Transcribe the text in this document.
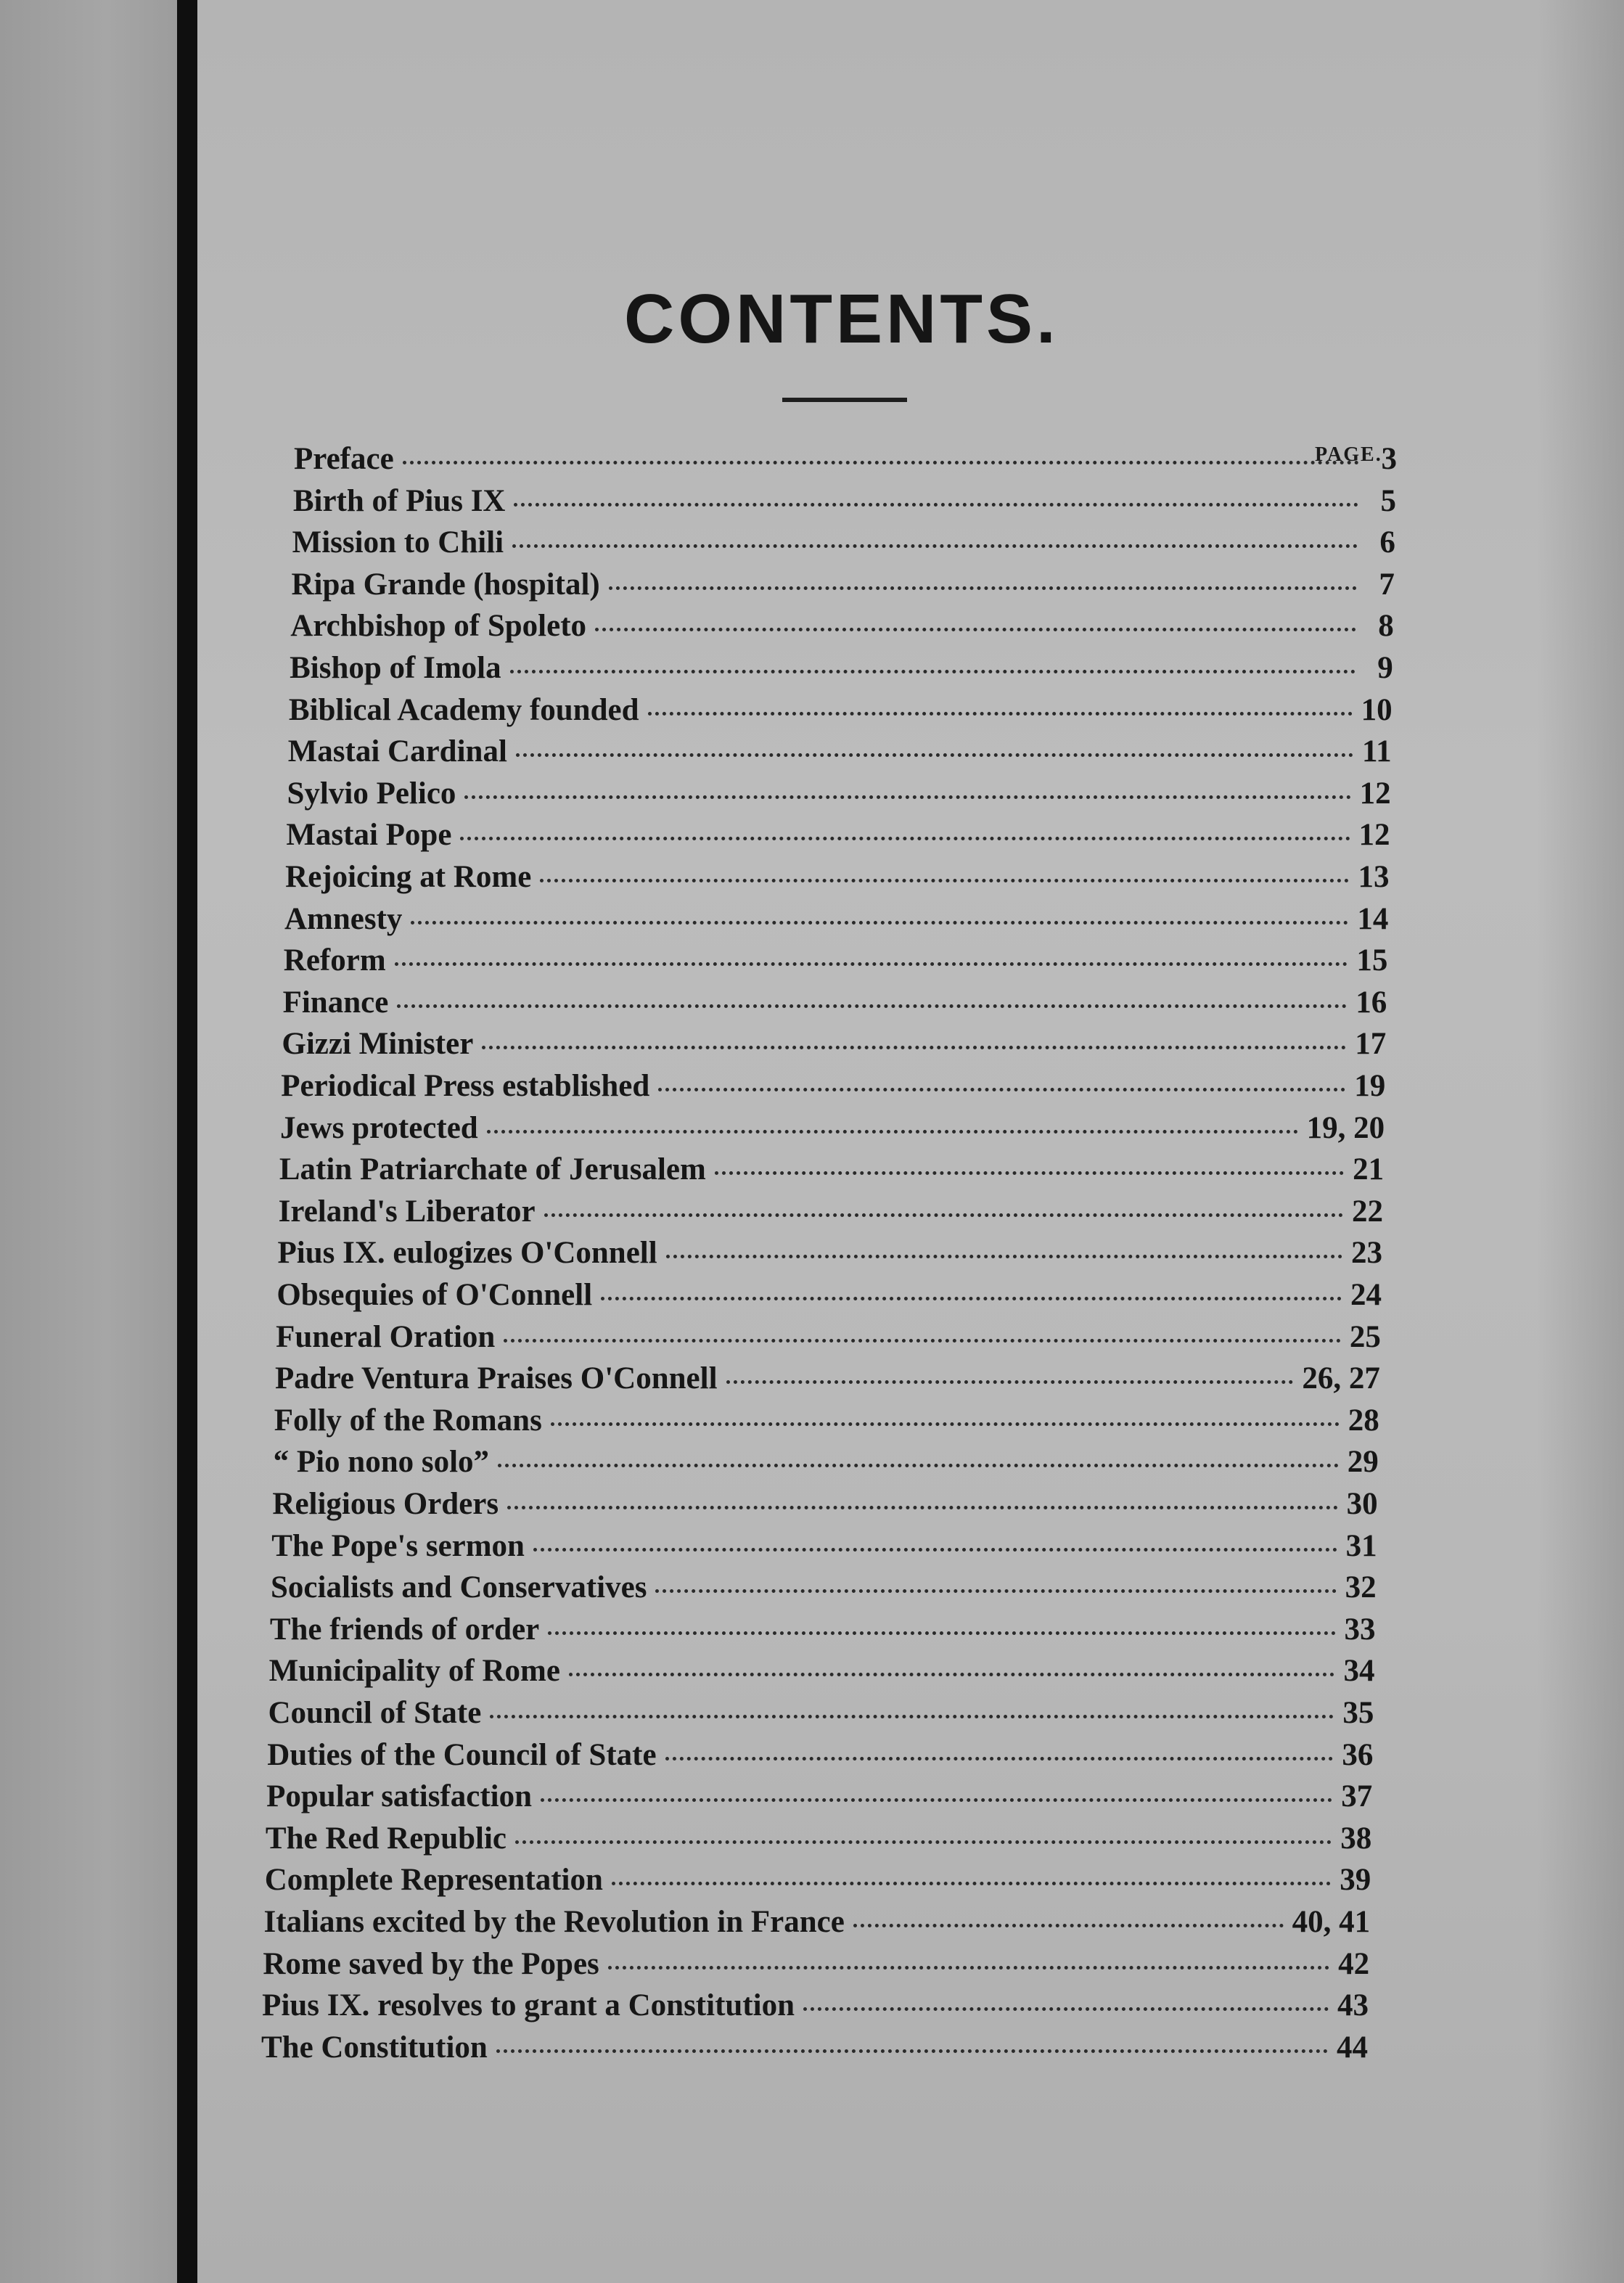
CONTENTS.
PAGE.
Preface	3
Birth of Pius IX	5
Mission to Chili	6
Ripa Grande (hospital)	7
Archbishop of Spoleto	8
Bishop of Imola	9
Biblical Academy founded	10
Mastai Cardinal	11
Sylvio Pelico	12
Mastai Pope	12
Rejoicing at Rome	13
Amnesty	14
Reform	15
Finance	16
Gizzi Minister	17
Periodical Press established	19
Jews protected	19, 20
Latin Patriarchate of Jerusalem	21
Ireland's Liberator	22
Pius IX. eulogizes O'Connell	23
Obsequies of O'Connell	24
Funeral Oration	25
Padre Ventura Praises O'Connell	26, 27
Folly of the Romans	28
“ Pio nono solo”	29
Religious Orders	30
The Pope's sermon	31
Socialists and Conservatives	32
The friends of order	33
Municipality of Rome	34
Council of State	35
Duties of the Council of State	36
Popular satisfaction	37
The Red Republic	38
Complete Representation	39
Italians excited by the Revolution in France	40, 41
Rome saved by the Popes	42
Pius IX. resolves to grant a Constitution	43
The Constitution	44
